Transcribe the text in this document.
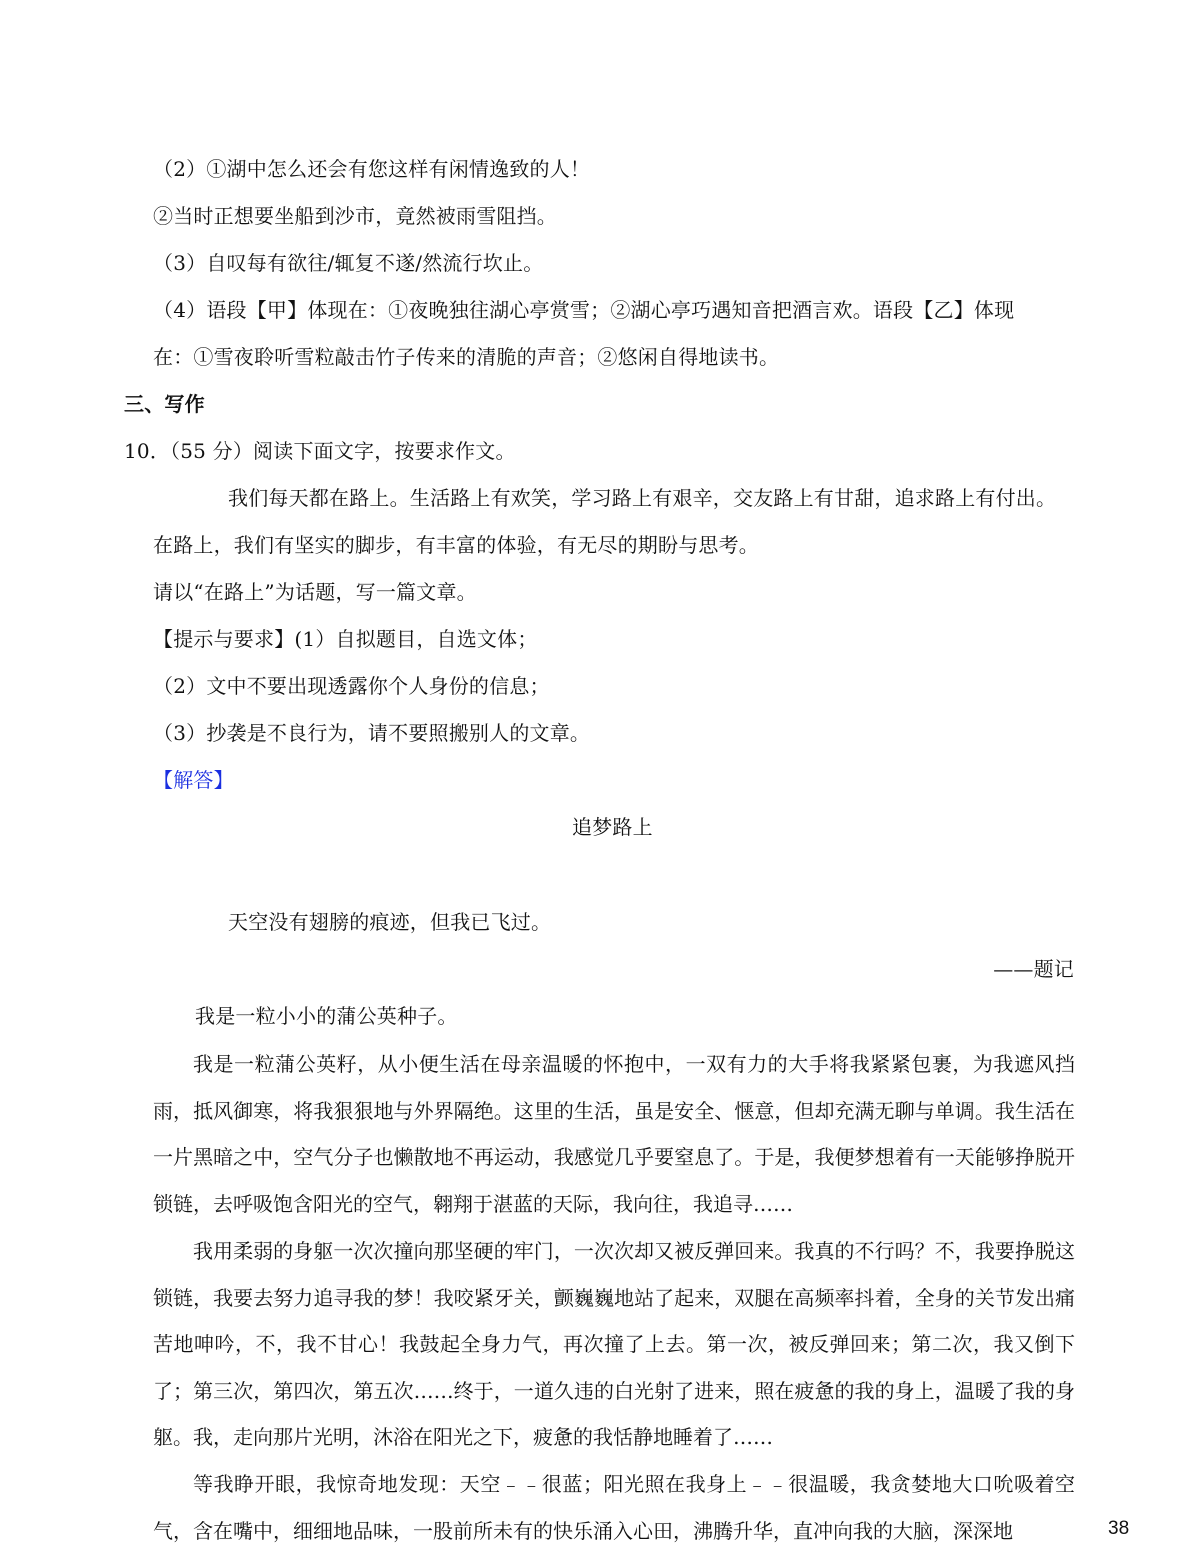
（2）①湖中怎么还会有您这样有闲情逸致的人！
②当时正想要坐船到沙市，竟然被雨雪阻挡。
（3）自叹每有欲往/辄复不遂/然流行坎止。
（4）语段【甲】体现在：①夜晚独往湖心亭赏雪；②湖心亭巧遇知音把酒言欢。语段【乙】体现
在：①雪夜聆听雪粒敲击竹子传来的清脆的声音；②悠闲自得地读书。
三、写作
10．（55 分）阅读下面文字，按要求作文。
我们每天都在路上。生活路上有欢笑，学习路上有艰辛，交友路上有甘甜，追求路上有付出。
在路上，我们有坚实的脚步，有丰富的体验，有无尽的期盼与思考。
请以“在路上”为话题，写一篇文章。
【提示与要求】(1）自拟题目，自选文体；
（2）文中不要出现透露你个人身份的信息；
（3）抄袭是不良行为，请不要照搬别人的文章。
【解答】
追梦路上
天空没有翅膀的痕迹，但我已飞过。
——题记
我是一粒小小的蒲公英种子。

我是一粒蒲公英籽，从小便生活在母亲温暖的怀抱中，一双有力的大手将我紧紧包裹，为我遮风挡雨，抵风御寒，将我狠狠地与外界隔绝。这里的生活，虽是安全、惬意，但却充满无聊与单调。我生活在一片黑暗之中，空气分子也懒散地不再运动，我感觉几乎要窒息了。于是，我便梦想着有一天能够挣脱开锁链，去呼吸饱含阳光的空气，翱翔于湛蓝的天际，我向往，我追寻……

我用柔弱的身躯一次次撞向那坚硬的牢门，一次次却又被反弹回来。我真的不行吗？不，我要挣脱这锁链，我要去努力追寻我的梦！我咬紧牙关，颤巍巍地站了起来，双腿在高频率抖着，全身的关节发出痛苦地呻吟，不，我不甘心！我鼓起全身力气，再次撞了上去。第一次，被反弹回来；第二次，我又倒下了；第三次，第四次，第五次……终于，一道久违的白光射了进来，照在疲惫的我的身上，温暖了我的身躯。我，走向那片光明，沐浴在阳光之下，疲惫的我恬静地睡着了……

等我睁开眼，我惊奇地发现：天空﹣﹣很蓝；阳光照在我身上﹣﹣很温暖，我贪婪地大口吮吸着空气，含在嘴中，细细地品味，一股前所未有的快乐涌入心田，沸腾升华，直冲向我的大脑，深深地	38
